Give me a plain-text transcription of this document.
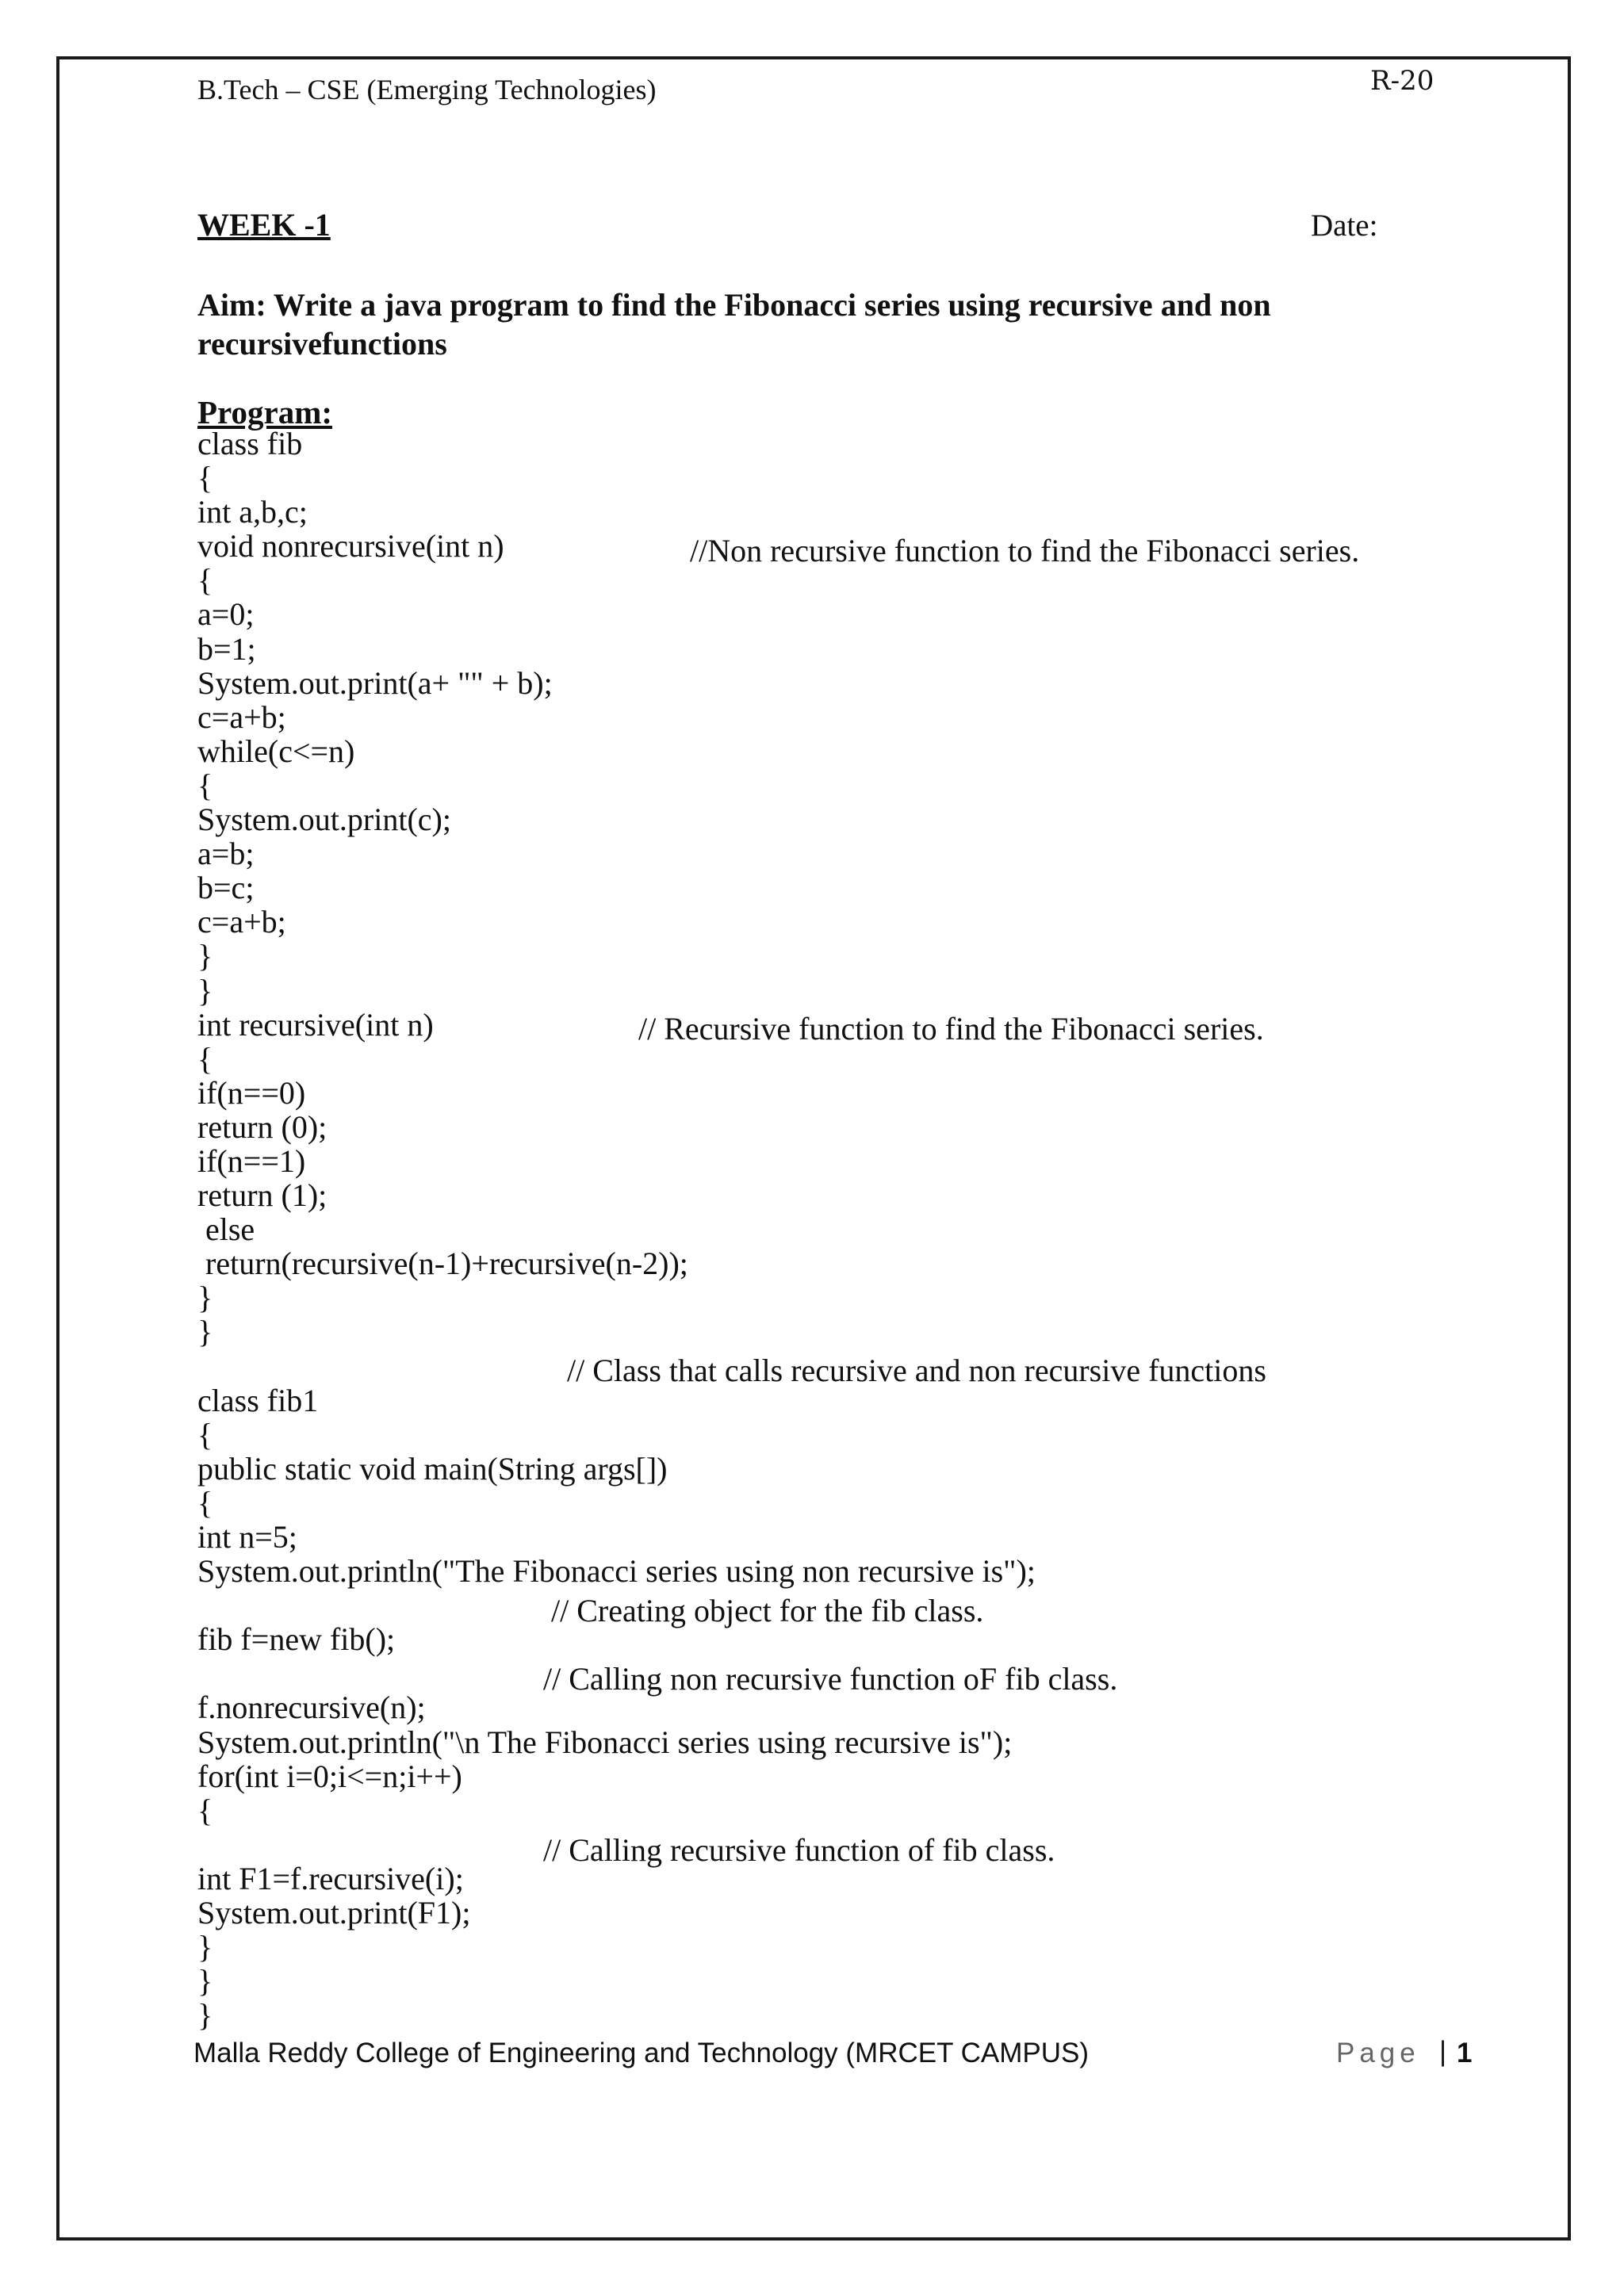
B.Tech – CSE (Emerging Technologies)	R-20
WEEK -1	Date:
Aim: Write a java program to find the Fibonacci series using recursive and non recursivefunctions
Program:
class fib
{
int a,b,c;
void nonrecursive(int n)
{
a=0;
b=1;
System.out.print(a+ "" + b);
c=a+b;
while(c<=n)
{
System.out.print(c);
a=b;
b=c;
c=a+b;
}
}
int recursive(int n)
{
if(n==0)
return (0);
if(n==1)
return (1);
else
return(recursive(n-1)+recursive(n-2));
}
}
class fib1
{
public static void main(String args[])
{
int n=5;
System.out.println("The Fibonacci series using non recursive is");
fib f=new fib();
f.nonrecursive(n);
System.out.println("\n The Fibonacci series using recursive is");
for(int i=0;i<=n;i++)
{
int F1=f.recursive(i);
System.out.print(F1);
}
}
}
//Non recursive function to find the Fibonacci series.
// Recursive function to find the Fibonacci series.
// Class that calls recursive and non recursive functions
// Creating object for the fib class.
// Calling non recursive function oF fib class.
// Calling recursive function of fib class.
Malla Reddy College of Engineering and Technology (MRCET CAMPUS)	Page | 1
